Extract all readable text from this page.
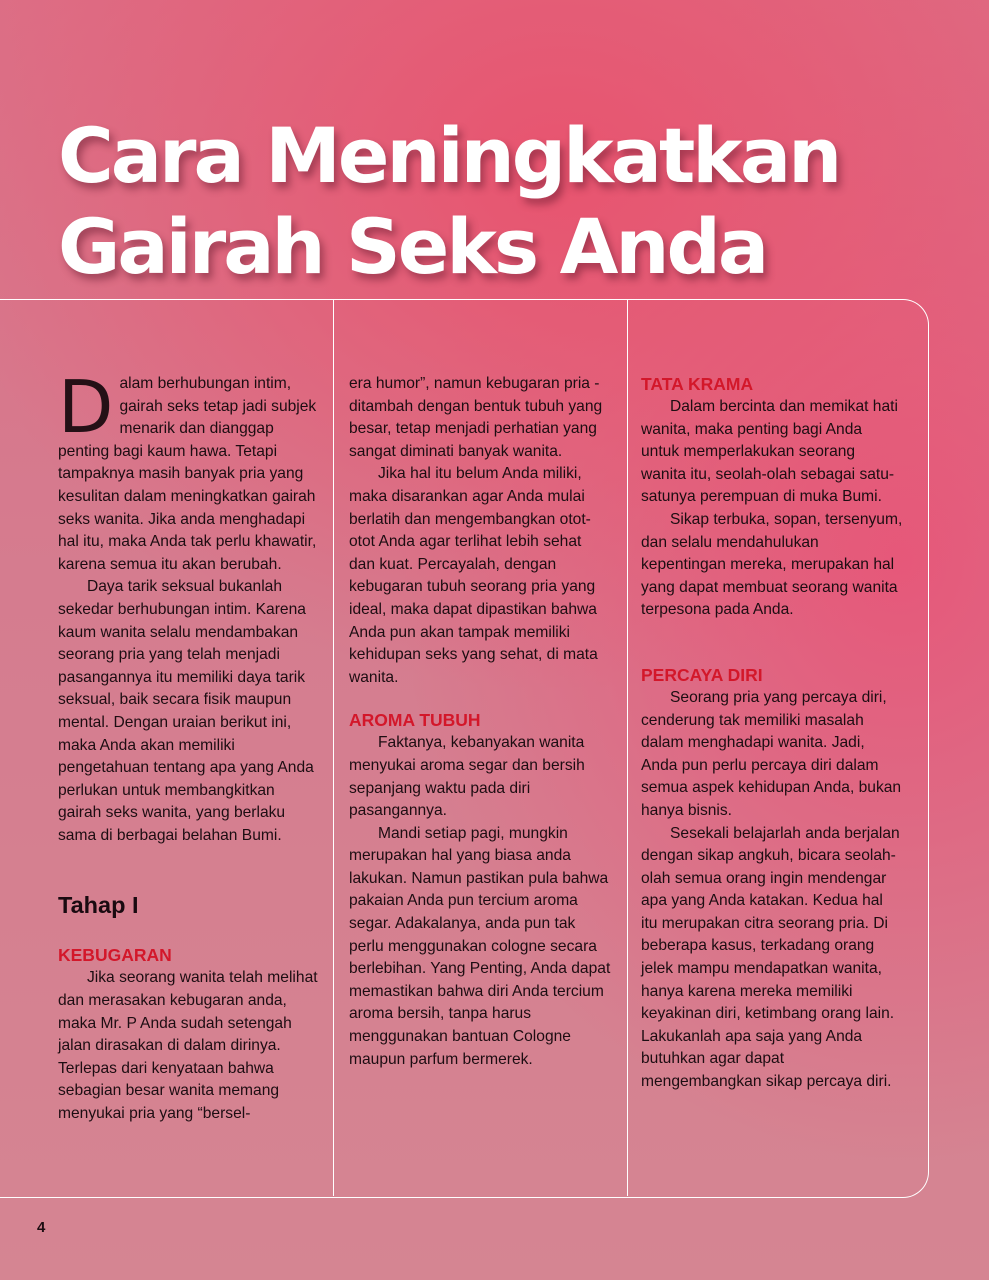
Cara Meningkatkan
Gairah Seks Anda

Dalam berhubungan intim, gairah seks tetap jadi subjek menarik dan dianggap penting bagi kaum hawa. Tetapi tampaknya masih banyak pria yang kesulitan dalam meningkatkan gairah seks wanita. Jika anda menghadapi hal itu, maka Anda tak perlu khawatir, karena semua itu akan berubah.

Daya tarik seksual bukanlah sekedar berhubungan intim. Karena kaum wanita selalu mendambakan seorang pria yang telah menjadi pasangannya itu memiliki daya tarik seksual, baik secara fisik maupun mental. Dengan uraian berikut ini, maka Anda akan memiliki pengetahuan tentang apa yang Anda perlukan untuk membangkitkan gairah seks wanita, yang berlaku sama di berbagai belahan Bumi.

Tahap I

KEBUGARAN

Jika seorang wanita telah melihat dan merasakan kebugaran anda, maka Mr. P Anda sudah setengah jalan dirasakan di dalam dirinya. Terlepas dari kenyataan bahwa sebagian besar wanita memang menyukai pria yang “bersel-

era humor”, namun kebugaran pria - ditambah dengan bentuk tubuh yang besar, tetap menjadi perhatian yang sangat diminati banyak wanita.

Jika hal itu belum Anda miliki, maka disarankan agar Anda mulai berlatih dan mengembangkan otot-otot Anda agar terlihat lebih sehat dan kuat. Percayalah, dengan kebugaran tubuh seorang pria yang ideal, maka dapat dipastikan bahwa Anda pun akan tampak memiliki kehidupan seks yang sehat, di mata wanita.

AROMA TUBUH

Faktanya, kebanyakan wanita menyukai aroma segar dan bersih sepanjang waktu pada diri pasangannya.

Mandi setiap pagi, mungkin merupakan hal yang biasa anda lakukan. Namun pastikan pula bahwa pakaian Anda pun tercium aroma segar. Adakalanya, anda pun tak perlu menggunakan cologne secara berlebihan. Yang Penting, Anda dapat memastikan bahwa diri Anda tercium aroma bersih, tanpa harus menggunakan bantuan Cologne maupun parfum bermerek.

TATA KRAMA

Dalam bercinta dan memikat hati wanita, maka penting bagi Anda untuk memperlakukan seorang wanita itu, seolah-olah sebagai satu-satunya perempuan di muka Bumi.

Sikap terbuka, sopan, tersenyum, dan selalu mendahulukan kepentingan mereka, merupakan hal yang dapat membuat seorang wanita terpesona pada Anda.

PERCAYA DIRI

Seorang pria yang percaya diri, cenderung tak memiliki masalah dalam menghadapi wanita. Jadi, Anda pun perlu percaya diri dalam semua aspek kehidupan Anda, bukan hanya bisnis.

Sesekali belajarlah anda berjalan dengan sikap angkuh, bicara seolah-olah semua orang ingin mendengar apa yang Anda katakan. Kedua hal itu merupakan citra seorang pria. Di beberapa kasus, terkadang orang jelek mampu mendapatkan wanita, hanya karena mereka memiliki keyakinan diri, ketimbang orang lain. Lakukanlah apa saja yang Anda butuhkan agar dapat mengembangkan sikap percaya diri.

4
